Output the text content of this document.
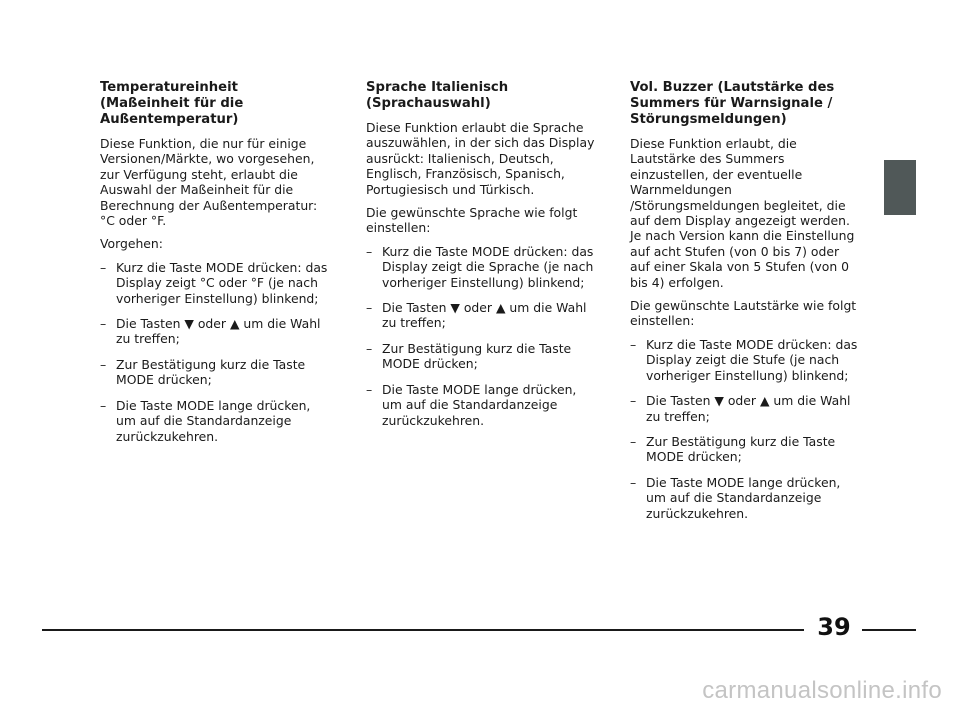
Temperatureinheit (Maßeinheit für die Außentemperatur)
Diese Funktion, die nur für einige Versionen/Märkte, wo vorgesehen, zur Verfügung steht, erlaubt die Auswahl der Maßeinheit für die Berechnung der Außentemperatur: °C oder °F.
Vorgehen:
– Kurz die Taste MODE drücken: das Display zeigt °C oder °F (je nach vorheriger Einstellung) blinkend;
– Die Tasten ▼ oder ▲ um die Wahl zu treffen;
– Zur Bestätigung kurz die Taste MODE drücken;
– Die Taste MODE lange drücken, um auf die Standardanzeige zurückzukehren.
Sprache Italienisch (Sprachauswahl)
Diese Funktion erlaubt die Sprache auszuwählen, in der sich das Display ausrückt: Italienisch, Deutsch, Englisch, Französisch, Spanisch, Portugiesisch und Türkisch.
Die gewünschte Sprache wie folgt einstellen:
– Kurz die Taste MODE drücken: das Display zeigt die Sprache (je nach vorheriger Einstellung) blinkend;
– Die Tasten ▼ oder ▲ um die Wahl zu treffen;
– Zur Bestätigung kurz die Taste MODE drücken;
– Die Taste MODE lange drücken, um auf die Standardanzeige zurückzukehren.
Vol. Buzzer (Lautstärke des Summers für Warnsignale / Störungsmeldungen)
Diese Funktion erlaubt, die Lautstärke des Summers einzustellen, der eventuelle Warnmeldungen /Störungsmeldungen begleitet, die auf dem Display angezeigt werden. Je nach Version kann die Einstellung auf acht Stufen (von 0 bis 7) oder auf einer Skala von 5 Stufen (von 0 bis 4) erfolgen.
Die gewünschte Lautstärke wie folgt einstellen:
– Kurz die Taste MODE drücken: das Display zeigt die Stufe (je nach vorheriger Einstellung) blinkend;
– Die Tasten ▼ oder ▲ um die Wahl zu treffen;
– Zur Bestätigung kurz die Taste MODE drücken;
– Die Taste MODE lange drücken, um auf die Standardanzeige zurückzukehren.
39
carmanualsonline.info
